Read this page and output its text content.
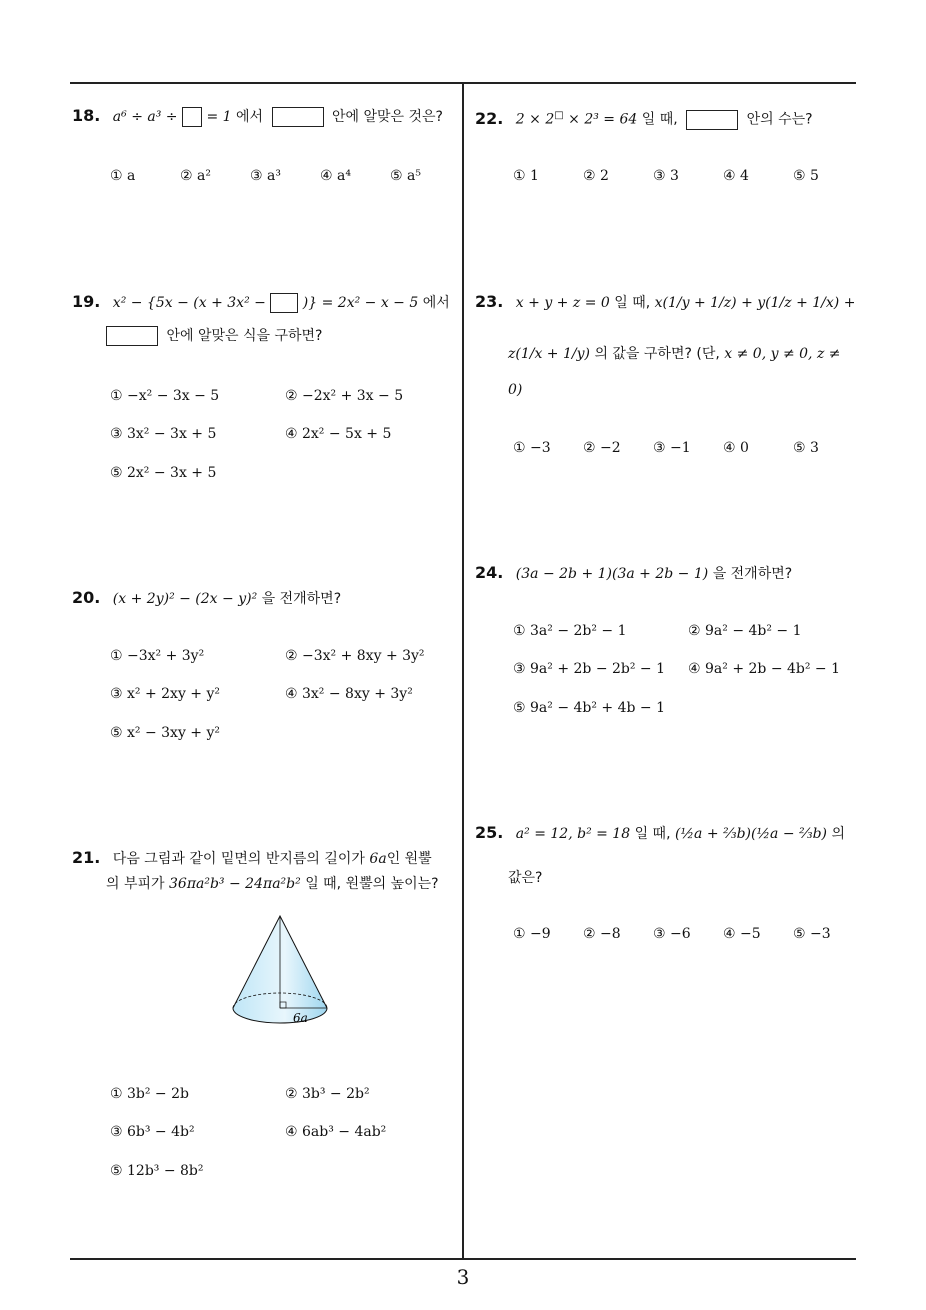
18. a⁶ ÷ a³ ÷ = 1 에서	안에 알맞은 것은?
① a	② a²	③ a³	④ a⁴	⑤ a⁵
19. x² − {5x − (x + 3x² −	)} = 2x² − x − 5 에서
안에 알맞은 식을 구하면?
① −x² − 3x − 5	② −2x² + 3x − 5
③ 3x² − 3x + 5	④ 2x² − 5x + 5
⑤ 2x² − 3x + 5
20. (x + 2y)² − (2x − y)² 을 전개하면?
① −3x² + 3y²	② −3x² + 8xy + 3y²
③ x² + 2xy + y²	④ 3x² − 8xy + 3y²
⑤ x² − 3xy + y²
21. 다음 그림과 같이 밑면의 반지름의 길이가 6a인 원뿔
의 부피가 36πa²b³ − 24πa²b² 일 때, 원뿔의 높이는?
6a
① 3b² − 2b	② 3b³ − 2b²
③ 6b³ − 4b²	④ 6ab³ − 4ab²
⑤ 12b³ − 8b²
22. 2 × 2□ × 2³ = 64 일 때,	안의 수는?
① 1	② 2	③ 3	④ 4	⑤ 5
23. x + y + z = 0 일 때, x(1/y + 1/z) + y(1/z + 1/x) +
z(1/x + 1/y) 의 값을 구하면? (단, x ≠ 0, y ≠ 0, z ≠
0)
① −3 ② −2 ③ −1 ④ 0	⑤ 3
24. (3a − 2b + 1)(3a + 2b − 1) 을 전개하면?
① 3a² − 2b² − 1	② 9a² − 4b² − 1
③ 9a² + 2b − 2b² − 1 ④ 9a² + 2b − 4b² − 1
⑤ 9a² − 4b² + 4b − 1
25. a² = 12, b² = 18 일 때, (½a + ⅔b)(½a − ⅔b) 의
값은?
① −9 ② −8 ③ −6 ④ −5 ⑤ −3
3
